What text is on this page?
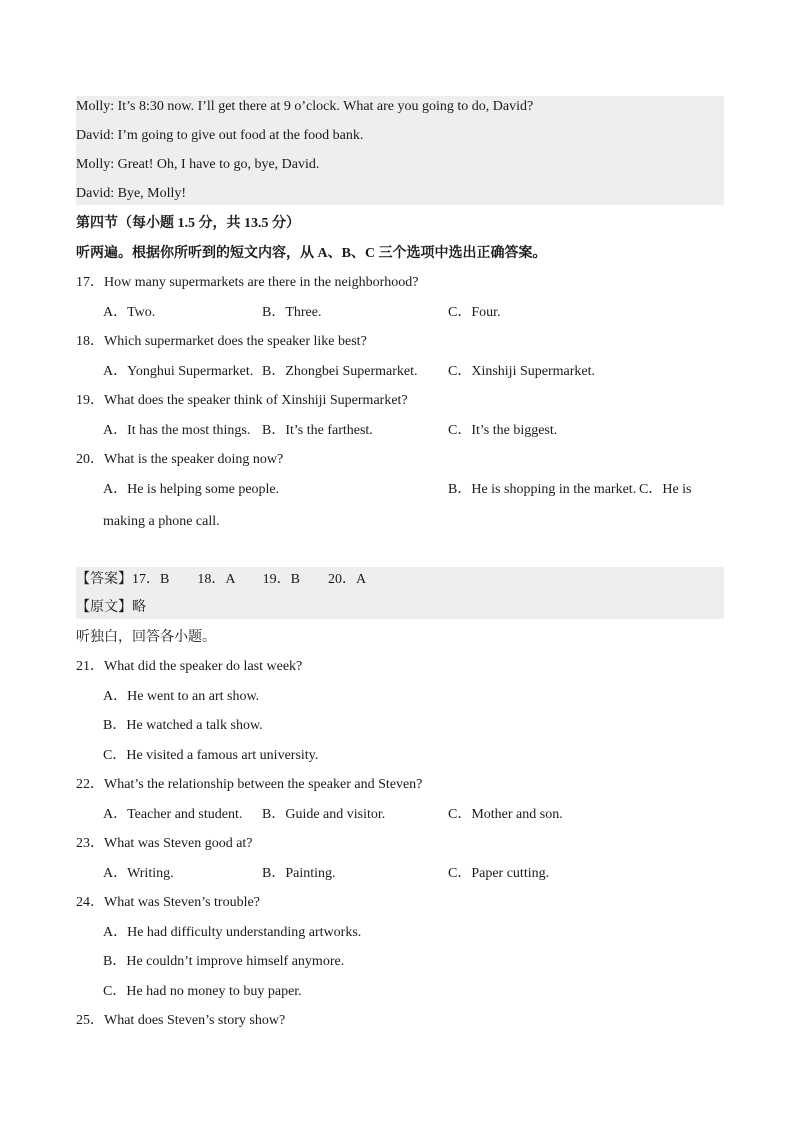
Molly: It’s 8:30 now. I’ll get there at 9 o’clock. What are you going to do, David?
David: I’m going to give out food at the food bank.
Molly: Great! Oh, I have to go, bye, David.
David: Bye, Molly!
第四节（每小题 1.5 分，共 13.5 分）
听两遍。根据你所听到的短文内容，从 A、B、C 三个选项中选出正确答案。
17．How many supermarkets are there in the neighborhood?
A．Two.	B．Three.	C．Four.
18．Which supermarket does the speaker like best?
A．Yonghui Supermarket. B．Zhongbei Supermarket. C．Xinshiji Supermarket.
19．What does the speaker think of Xinshiji Supermarket?
A．It has the most things. B．It’s the farthest.	C．It’s the biggest.
20．What is the speaker doing now?
A．He is helping some people.	B．He is shopping in the market. C．He is
making a phone call.
【答案】17．B　　18．A　　19．B　　20．A
【原文】略
听独白，回答各小题。
21．What did the speaker do last week?
A．He went to an art show.
B．He watched a talk show.
C．He visited a famous art university.
22．What’s the relationship between the speaker and Steven?
A．Teacher and student. B．Guide and visitor.	C．Mother and son.
23．What was Steven good at?
A．Writing.	B．Painting.	C．Paper cutting.
24．What was Steven’s trouble?
A．He had difficulty understanding artworks.
B．He couldn’t improve himself anymore.
C．He had no money to buy paper.
25．What does Steven’s story show?
